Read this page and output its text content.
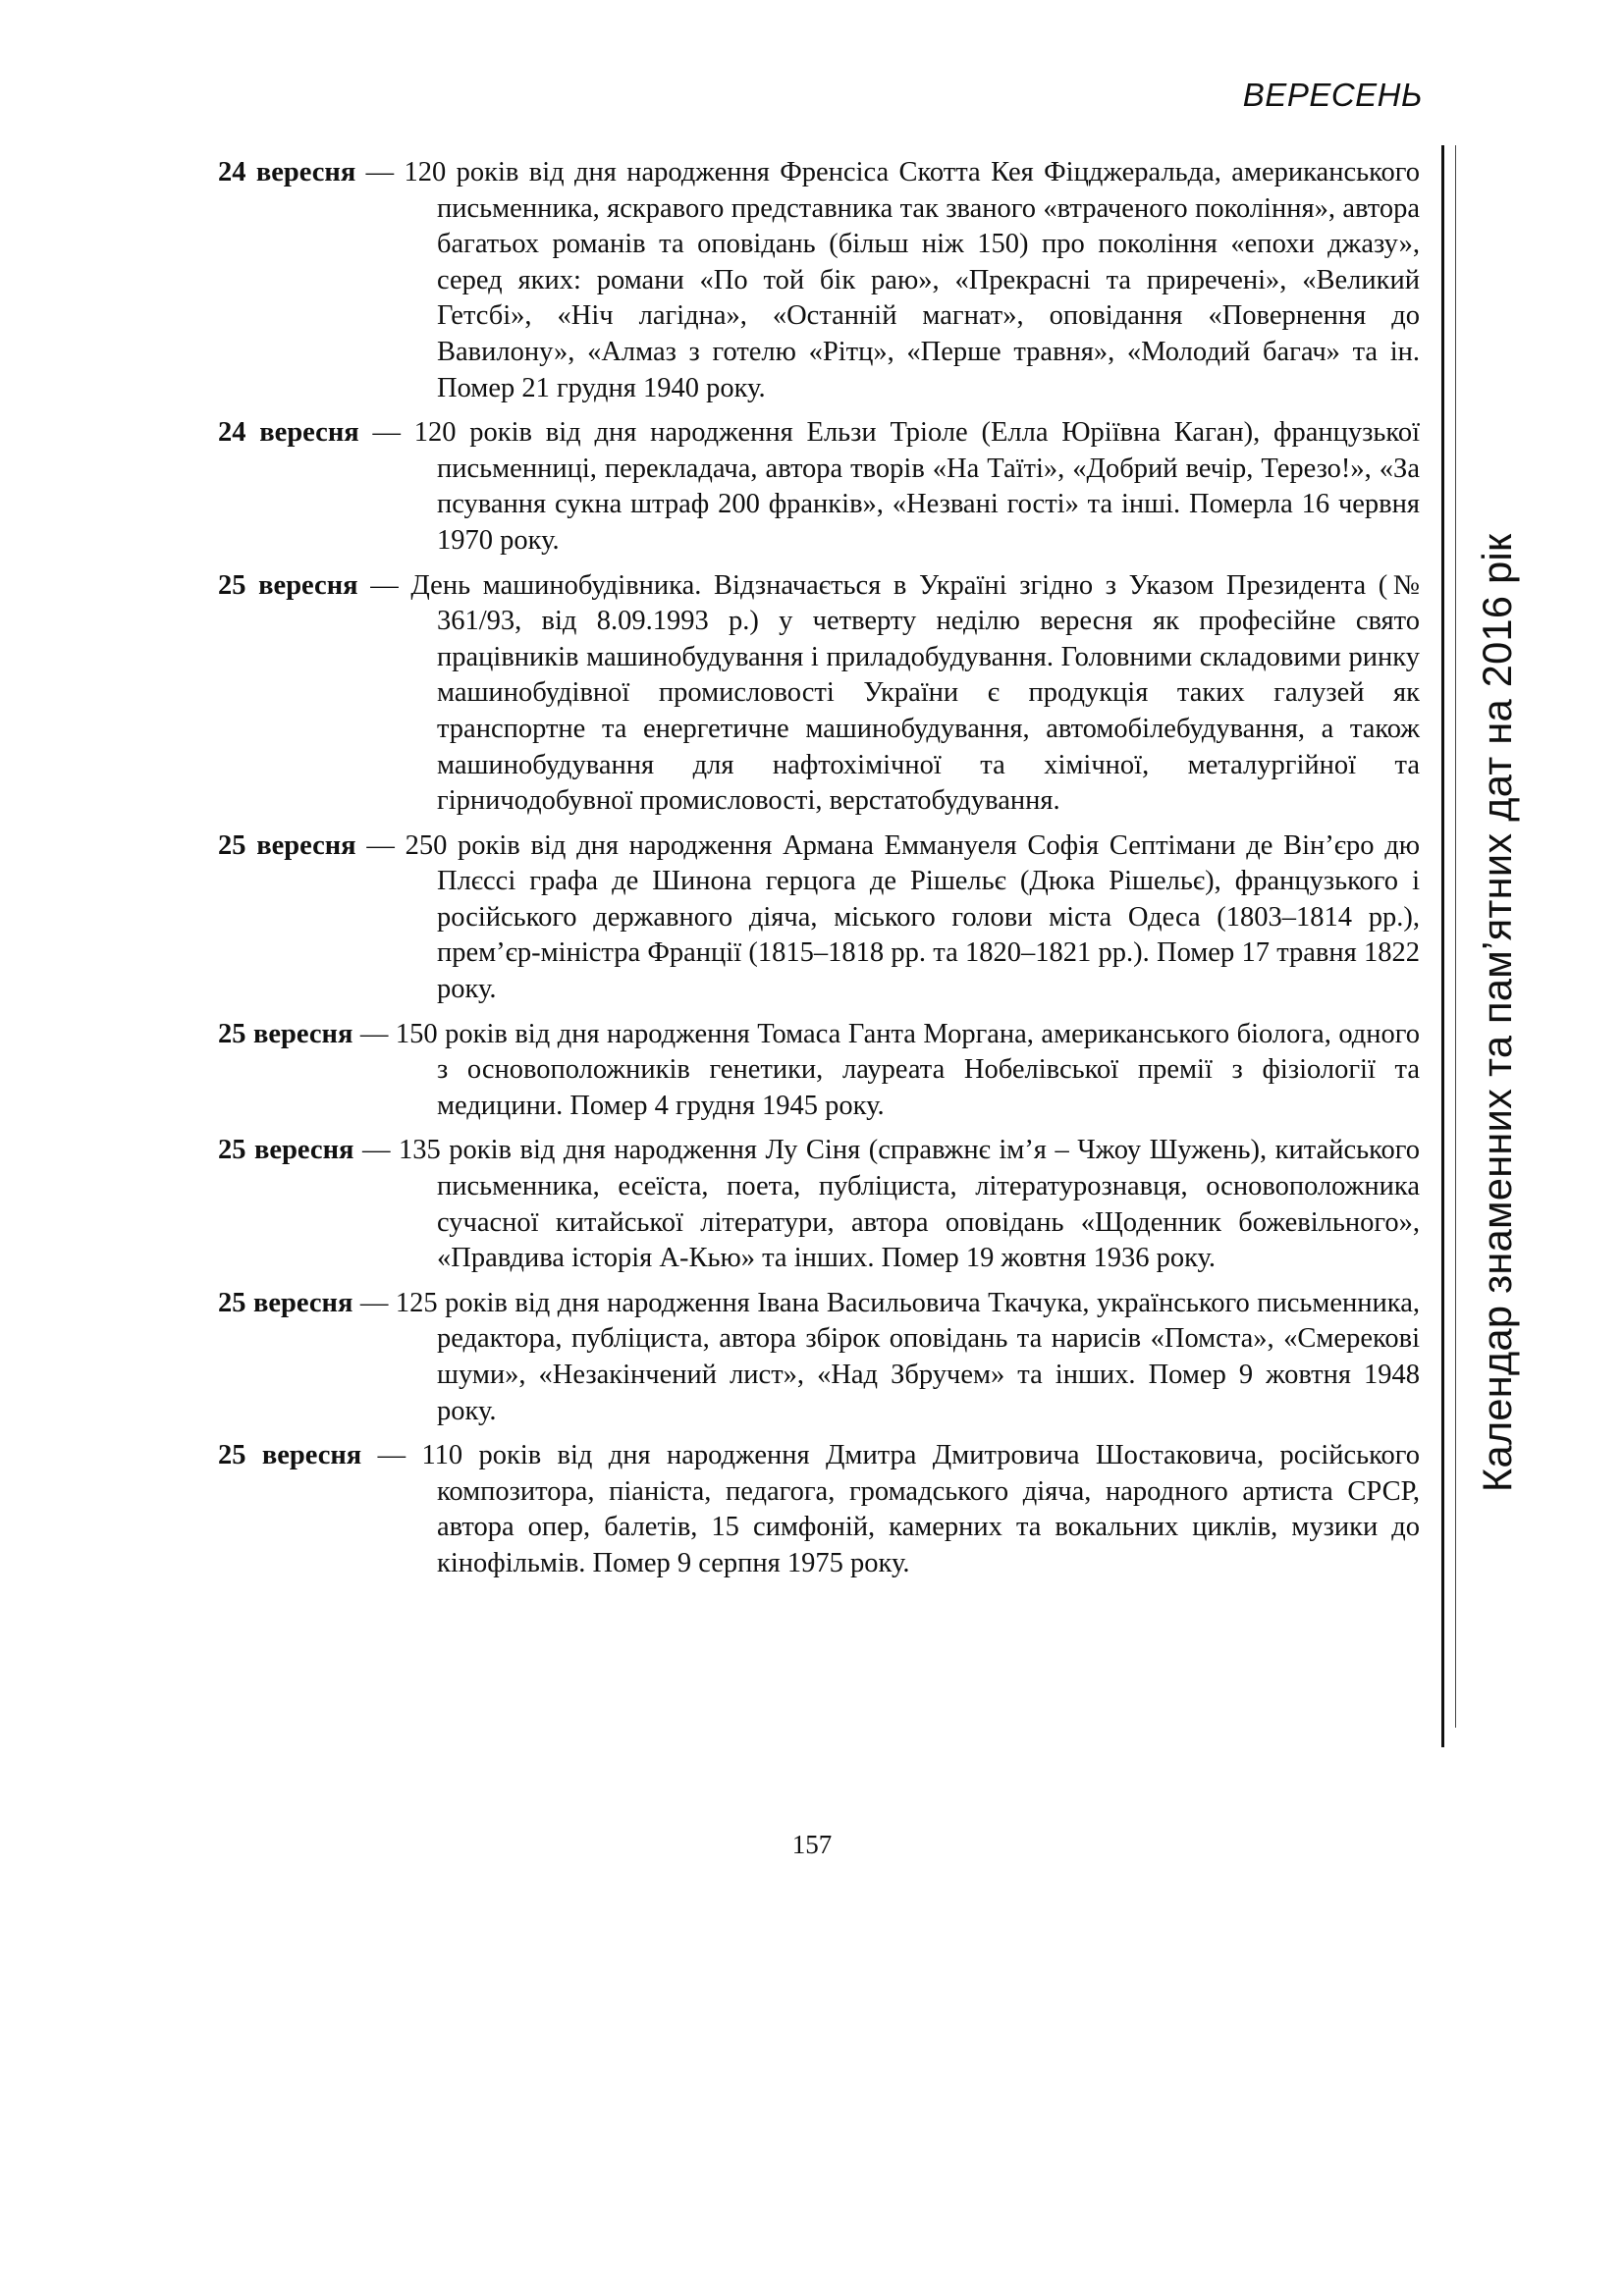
ВЕРЕСЕНЬ

24 вересня — 120 років від дня народження Френсіса Скотта Кея Фіцджеральда, американського письменника, яскравого представника так званого «втраченого покоління», автора багатьох романів та оповідань (більш ніж 150) про покоління «епохи джазу», серед яких: романи «По той бік раю», «Прекрасні та приречені», «Великий Гетсбі», «Ніч лагідна», «Останній магнат», оповідання «Повернення до Вавилону», «Алмаз з готелю «Рітц», «Перше травня», «Молодий багач» та ін. Помер 21 грудня 1940 року.

24 вересня — 120 років від дня народження Ельзи Тріоле (Елла Юріївна Каган), французької письменниці, перекладача, автора творів «На Таїті», «Добрий вечір, Терезо!», «За псування сукна штраф 200 франків», «Незвані гості» та інші. Померла 16 червня 1970 року.

25 вересня — День машинобудівника. Відзначається в Україні згідно з Указом Президента (№ 361/93, від 8.09.1993 р.) у четверту неділю вересня як професійне свято працівників машинобудування і приладобудування. Головними складовими ринку машинобудівної промисловості України є продукція таких галузей як транспортне та енергетичне машинобудування, автомобілебудування, а також машинобудування для нафтохімічної та хімічної, металургійної та гірничодобувної промисловості, верстатобудування.

25 вересня — 250 років від дня народження Армана Еммануеля Софія Септімани де Він’єро дю Плєссі графа де Шинона герцога де Рішельє (Дюка Рішельє), французького і російського державного діяча, міського голови міста Одеса (1803–1814 рр.), прем’єр-міністра Франції (1815–1818 рр. та 1820–1821 рр.). Помер 17 травня 1822 року.

25 вересня — 150 років від дня народження Томаса Ганта Моргана, американського біолога, одного з основоположників генетики, лауреата Нобелівської премії з фізіології та медицини. Помер 4 грудня 1945 року.

25 вересня — 135 років від дня народження Лу Сіня (справжнє ім’я – Чжоу Шужень), китайського письменника, есеїста, поета, публіциста, літературознавця, основоположника сучасної китайської літератури, автора оповідань «Щоденник божевільного», «Правдива історія А-Кью» та інших. Помер 19 жовтня 1936 року.

25 вересня — 125 років від дня народження Івана Васильовича Ткачука, українського письменника, редактора, публіциста, автора збірок оповідань та нарисів «Помста», «Смерекові шуми», «Незакінчений лист», «Над Збручем» та інших. Помер 9 жовтня 1948 року.

25 вересня — 110 років від дня народження Дмитра Дмитровича Шостаковича, російського композитора, піаніста, педагога, громадського діяча, народного артиста СРСР, автора опер, балетів, 15 симфоній, камерних та вокальних циклів, музики до кінофільмів. Помер 9 серпня 1975 року.

Календар знаменних та пам’ятних дат на 2016 рік
157
